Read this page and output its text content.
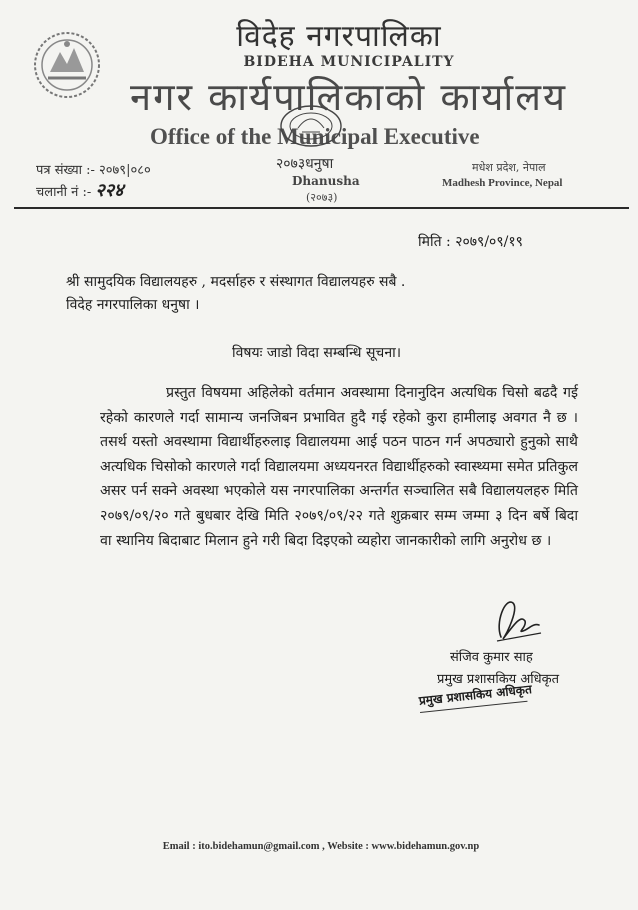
विदेह नगरपालिका
BIDEHA MUNICIPALITY
नगर कार्यपालिकाको कार्यालय
Office of the Municipal Executive
पत्र संख्या :- २०७९|०८०
चलानी नं :- २२४
२०७३धनुषा
Dhanusha
(२०७३)
मधेश प्रदेश, नेपाल
Madhesh Province, Nepal
मिति : २०७९/०९/१९
श्री सामुदयिक विद्यालयहरु , मदर्साहरु र संस्थागत विद्यालयहरु सबै .
विदेह नगरपालिका धनुषा ।
विषयः जाडो विदा सम्बन्धि सूचना।
प्रस्तुत विषयमा अहिलेको वर्तमान अवस्थामा दिनानुदिन अत्यधिक चिसो बढदै गई रहेको कारणले गर्दा सामान्य जनजिबन प्रभावित हुदै गई रहेको कुरा हामीलाइ अवगत नै छ । तसर्थ यस्तो अवस्थामा विद्यार्थीहरुलाइ विद्यालयमा आई पठन पाठन गर्न अपठ्यारो हुनुको साथै अत्यधिक चिसोको कारणले गर्दा विद्यालयमा अध्ययनरत विद्यार्थीहरुको स्वास्थ्यमा समेत प्रतिकुल असर पर्न सक्ने अवस्था भएकोले यस नगरपालिका अन्तर्गत सञ्चालित सबै विद्यालयलहरु मिति २०७९/०९/२० गते बुधबार देखि मिति २०७९/०९/२२ गते शुक्रबार सम्म जम्मा ३ दिन बर्षे बिदा वा स्थानिय बिदाबाट मिलान हुने गरी बिदा दिइएको व्यहोरा जानकारीको लागि अनुरोध छ ।
संजिव कुमार साह
प्रमुख प्रशासकिय अधिकृत
प्रमुख प्रशासकिय अधिकृत
Email : ito.bidehamun@gmail.com , Website : www.bidehamun.gov.np
